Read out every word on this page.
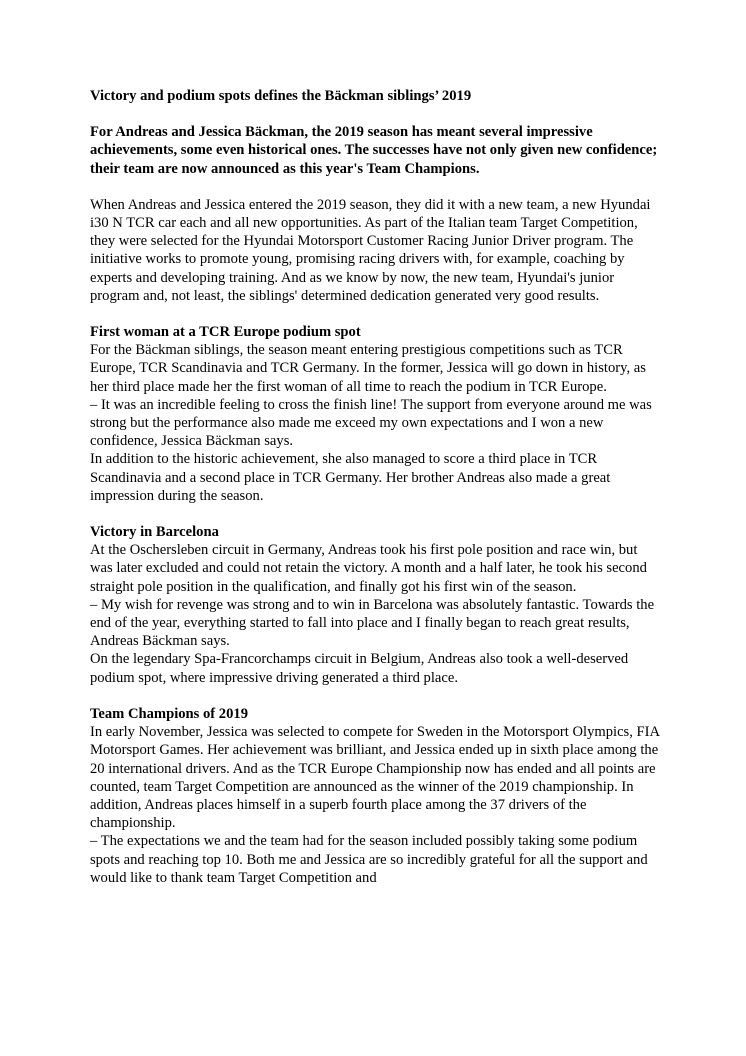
Victory and podium spots defines the Bäckman siblings’ 2019

For Andreas and Jessica Bäckman, the 2019 season has meant several impressive achievements, some even historical ones. The successes have not only given new confidence; their team are now announced as this year's Team Champions.

When Andreas and Jessica entered the 2019 season, they did it with a new team, a new Hyundai i30 N TCR car each and all new opportunities. As part of the Italian team Target Competition, they were selected for the Hyundai Motorsport Customer Racing Junior Driver program. The initiative works to promote young, promising racing drivers with, for example, coaching by experts and developing training. And as we know by now, the new team, Hyundai's junior program and, not least, the siblings' determined dedication generated very good results.

First woman at a TCR Europe podium spot

For the Bäckman siblings, the season meant entering prestigious competitions such as TCR Europe, TCR Scandinavia and TCR Germany. In the former, Jessica will go down in history, as her third place made her the first woman of all time to reach the podium in TCR Europe.

– It was an incredible feeling to cross the finish line! The support from everyone around me was strong but the performance also made me exceed my own expectations and I won a new confidence, Jessica Bäckman says.

In addition to the historic achievement, she also managed to score a third place in TCR Scandinavia and a second place in TCR Germany. Her brother Andreas also made a great impression during the season.

Victory in Barcelona

At the Oschersleben circuit in Germany, Andreas took his first pole position and race win, but was later excluded and could not retain the victory. A month and a half later, he took his second straight pole position in the qualification, and finally got his first win of the season.

– My wish for revenge was strong and to win in Barcelona was absolutely fantastic. Towards the end of the year, everything started to fall into place and I finally began to reach great results, Andreas Bäckman says.

On the legendary Spa-Francorchamps circuit in Belgium, Andreas also took a well-deserved podium spot, where impressive driving generated a third place.

Team Champions of 2019

In early November, Jessica was selected to compete for Sweden in the Motorsport Olympics, FIA Motorsport Games. Her achievement was brilliant, and Jessica ended up in sixth place among the 20 international drivers. And as the TCR Europe Championship now has ended and all points are counted, team Target Competition are announced as the winner of the 2019 championship. In addition, Andreas places himself in a superb fourth place among the 37 drivers of the championship.

– The expectations we and the team had for the season included possibly taking some podium spots and reaching top 10. Both me and Jessica are so incredibly grateful for all the support and would like to thank team Target Competition and
